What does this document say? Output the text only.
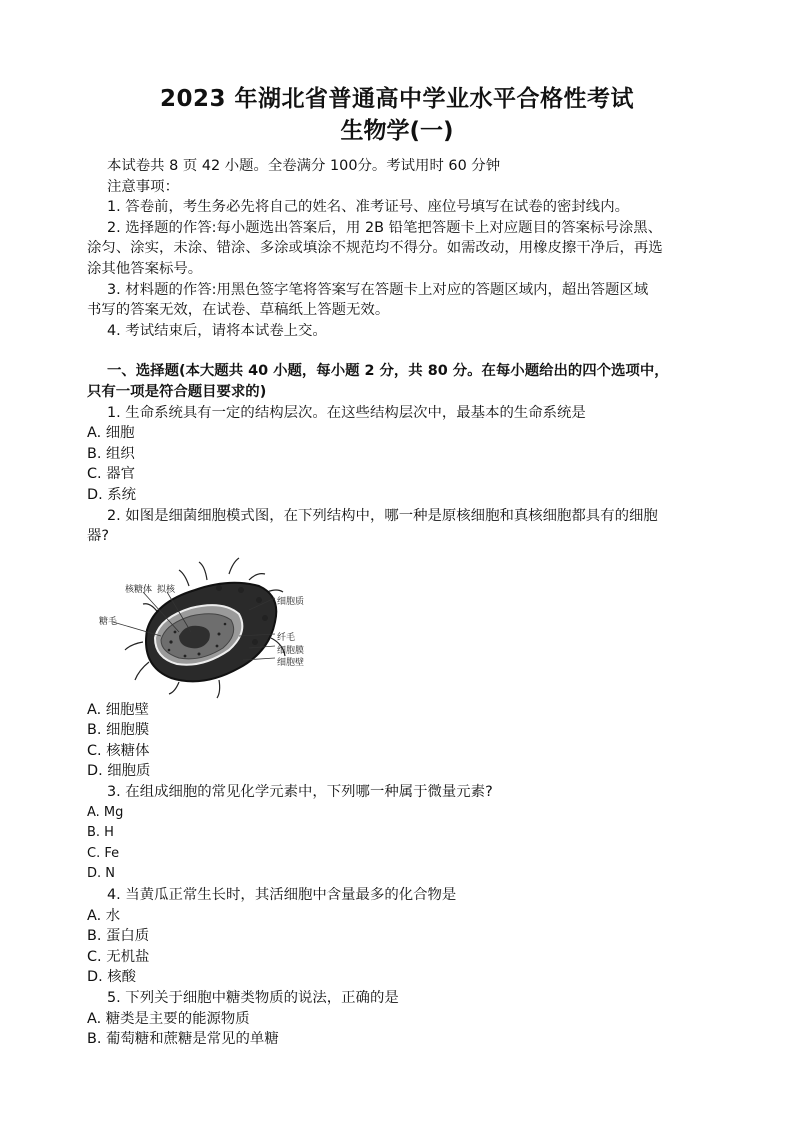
2023 年湖北省普通高中学业水平合格性考试
生物学(一)
本试卷共 8 页 42 小题。全卷满分 100分。考试用时 60 分钟
注意事项：
1. 答卷前，考生务必先将自己的姓名、准考证号、座位号填写在试卷的密封线内。
2. 选择题的作答:每小题选出答案后，用 2B 铅笔把答题卡上对应题目的答案标号涂黑、
涂匀、涂实，未涂、错涂、多涂或填涂不规范均不得分。如需改动，用橡皮擦干净后，再选
涂其他答案标号。
3. 材料题的作答:用黑色签字笔将答案写在答题卡上对应的答题区域内，超出答题区域
书写的答案无效，在试卷、草稿纸上答题无效。
4. 考试结束后，请将本试卷上交。
一、选择题(本大题共 40 小题，每小题 2 分，共 80 分。在每小题给出的四个选项中，
只有一项是符合题目要求的)
1. 生命系统具有一定的结构层次。在这些结构层次中，最基本的生命系统是
A. 细胞
B. 组织
C. 器官
D. 系统
2. 如图是细菌细胞模式图，在下列结构中，哪一种是原核细胞和真核细胞都具有的细胞
器?
核糖体 拟核
糖毛
细胞质
纤毛
细胞膜
细胞壁
A. 细胞壁
B. 细胞膜
C. 核糖体
D. 细胞质
3. 在组成细胞的常见化学元素中，下列哪一种属于微量元素?
A. Mg
B. H
C. Fe
D. N
4. 当黄瓜正常生长时，其活细胞中含量最多的化合物是
A. 水
B. 蛋白质
C. 无机盐
D. 核酸
5. 下列关于细胞中糖类物质的说法，正确的是
A. 糖类是主要的能源物质
B. 葡萄糖和蔗糖是常见的单糖
